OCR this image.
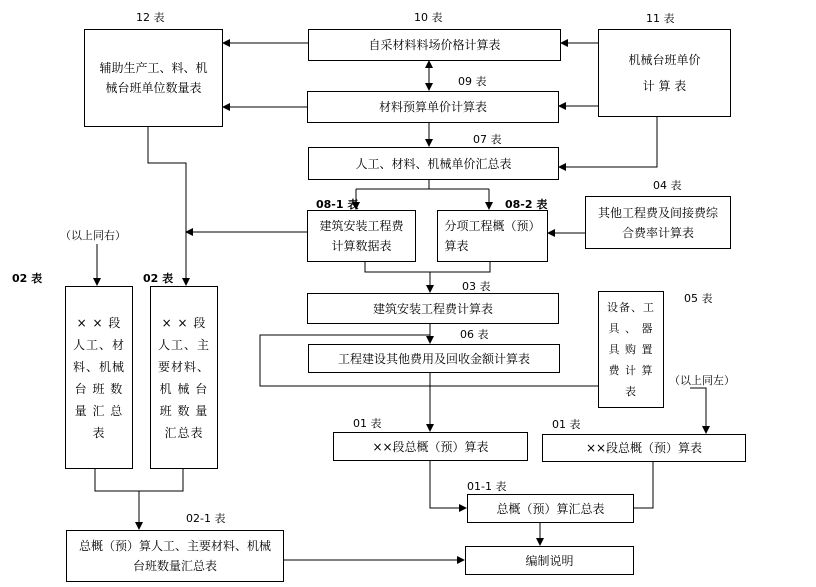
辅助生产工、料、机
械台班单位数量表
自采材料料场价格计算表
机械台班单价
计 算 表
材料预算单价计算表
人工、材料、机械单价汇总表
建筑安装工程费
计算数据表
分项工程概（预）
算表
其他工程费及间接费综
合费率计算表
× × 段
人工、材
料、机械
台 班 数
量 汇 总
表
× × 段
人工、主
要材料、
机 械 台
班 数 量
汇总表
建筑安装工程费计算表
工程建设其他费用及回收金额计算表
设备、工
具 、 器
具 购 置
费 计 算
表
××段总概（预）算表	××段总概（预）算表
总概（预）算汇总表
总概（预）算人工、主要材料、机械
台班数量汇总表	编制说明
12 表	10 表	11 表
09 表
07 表
08-1 表	08-2 表
04 表
（以上同右）
02 表	02 表
03 表
05 表
06 表
（以上同左）
01 表	01 表
01-1 表
02-1 表
